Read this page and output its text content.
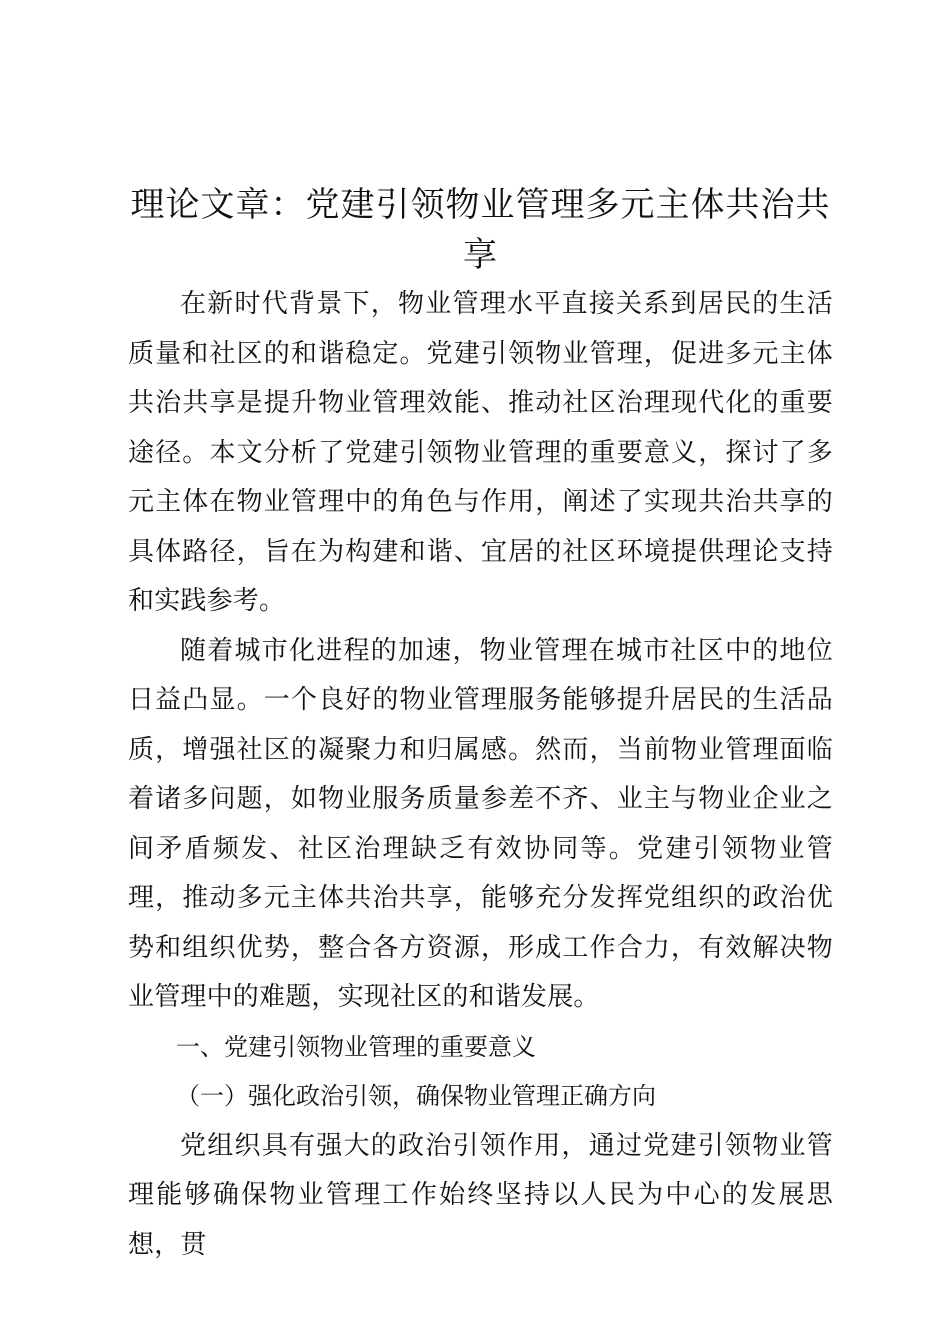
理论文章：党建引领物业管理多元主体共治共享

在新时代背景下，物业管理水平直接关系到居民的生活质量和社区的和谐稳定。党建引领物业管理，促进多元主体共治共享是提升物业管理效能、推动社区治理现代化的重要途径。本文分析了党建引领物业管理的重要意义，探讨了多元主体在物业管理中的角色与作用，阐述了实现共治共享的具体路径，旨在为构建和谐、宜居的社区环境提供理论支持和实践参考。

随着城市化进程的加速，物业管理在城市社区中的地位日益凸显。一个良好的物业管理服务能够提升居民的生活品质，增强社区的凝聚力和归属感。然而，当前物业管理面临着诸多问题，如物业服务质量参差不齐、业主与物业企业之间矛盾频发、社区治理缺乏有效协同等。党建引领物业管理，推动多元主体共治共享，能够充分发挥党组织的政治优势和组织优势，整合各方资源，形成工作合力，有效解决物业管理中的难题，实现社区的和谐发展。

一、党建引领物业管理的重要意义

（一）强化政治引领，确保物业管理正确方向

党组织具有强大的政治引领作用，通过党建引领物业管理能够确保物业管理工作始终坚持以人民为中心的发展思想，贯
